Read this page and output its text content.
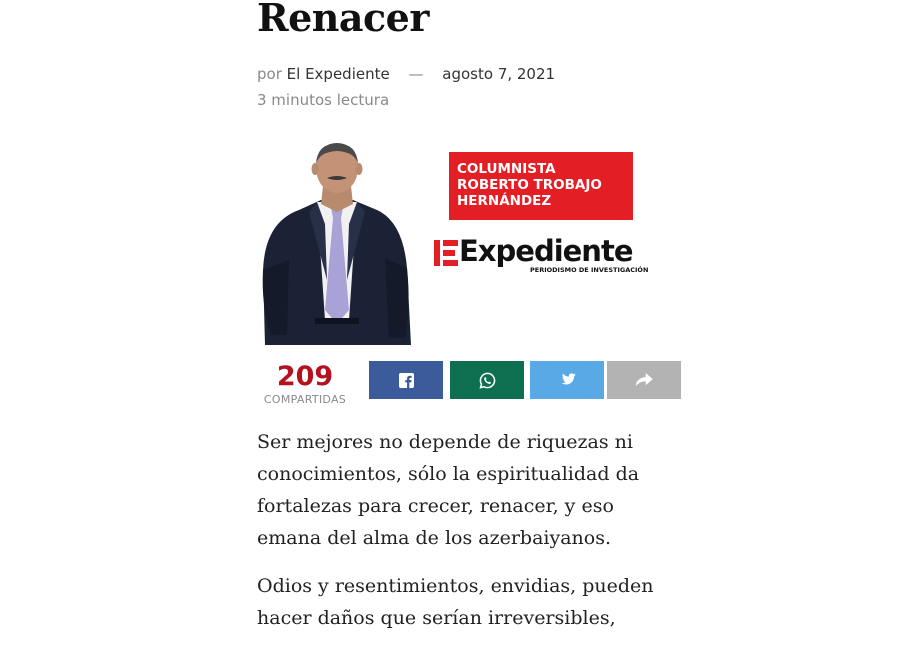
Renacer
por El Expediente — agosto 7, 2021
3 minutos lectura
COLUMNISTA
ROBERTO TROBAJO
HERNÁNDEZ
Expediente
PERIODISMO DE INVESTIGACIÓN
209
COMPARTIDAS

Ser mejores no depende de riquezas ni conocimientos, sólo la espiritualidad da fortalezas para crecer, renacer, y eso emana del alma de los azerbaiyanos.

Odios y resentimientos, envidias, pueden hacer daños que serían irreversibles,
